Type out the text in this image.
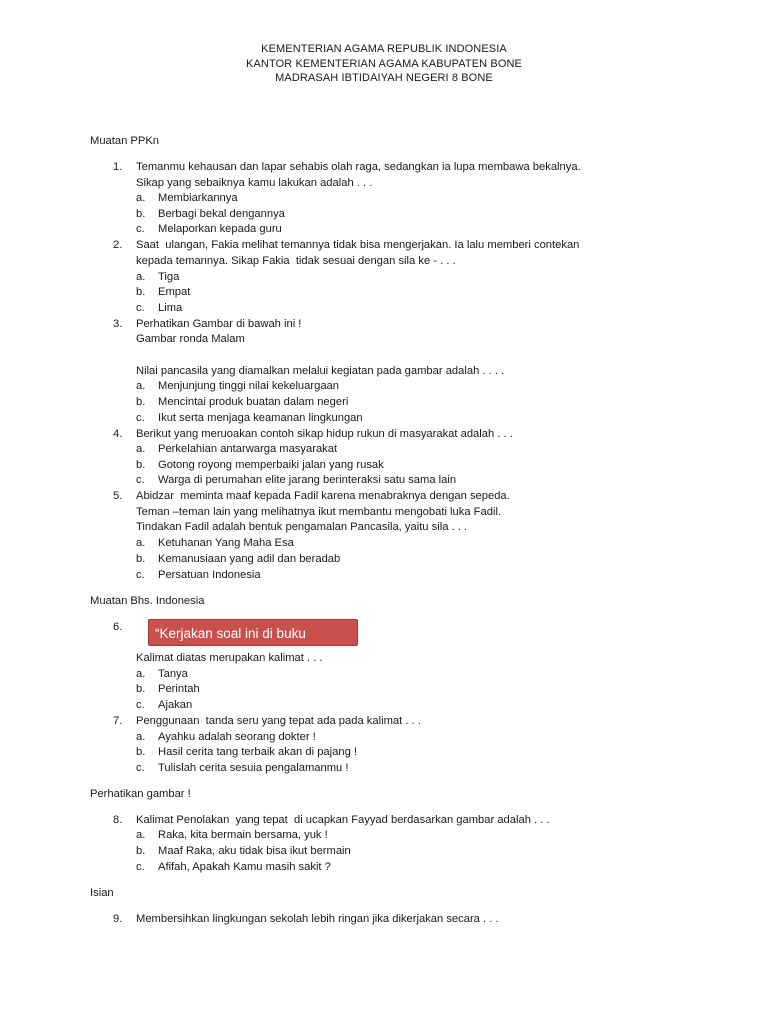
KEMENTERIAN AGAMA REPUBLIK INDONESIA
KANTOR KEMENTERIAN AGAMA KABUPATEN BONE
MADRASAH IBTIDAIYAH NEGERI 8 BONE
Muatan PPKn
1.	Temanmu kehausan dan lapar sehabis olah raga, sedangkan ia lupa membawa bekalnya.
Sikap yang sebaiknya kamu lakukan adalah . . .
a. Membiarkannya
b. Berbagi bekal dengannya
c. Melaporkan kepada guru
2.	Saat  ulangan, Fakia melihat temannya tidak bisa mengerjakan. Ia lalu memberi contekan
kepada temannya. Sikap Fakia  tidak sesuai dengan sila ke - . . .
a. Tiga
b. Empat
c. Lima
3.	Perhatikan Gambar di bawah ini !
Gambar ronda Malam
Nilai pancasila yang diamalkan melalui kegiatan pada gambar adalah . . . .
a. Menjunjung tinggi nilai kekeluargaan
b. Mencintai produk buatan dalam negeri
c. Ikut serta menjaga keamanan lingkungan
4.	Berikut yang meruoakan contoh sikap hidup rukun di masyarakat adalah . . .
a. Perkelahian antarwarga masyarakat
b. Gotong royong memperbaiki jalan yang rusak
c. Warga di perumahan elite jarang berinteraksi satu sama lain
5.	Abidzar  meminta maaf kepada Fadil karena menabraknya dengan sepeda.
Teman –teman lain yang melihatnya ikut membantu mengobati luka Fadil.
Tindakan Fadil adalah bentuk pengamalan Pancasila, yaitu sila . . .
a. Ketuhanan Yang Maha Esa
b. Kemanusiaan yang adil dan beradab
c. Persatuan Indonesia
Muatan Bhs. Indonesia
6.	“Kerjakan soal ini di buku
Kalimat diatas merupakan kalimat . . .
a. Tanya
b. Perintah
c. Ajakan
7.	Penggunaan  tanda seru yang tepat ada pada kalimat . . .
a. Ayahku adalah seorang dokter !
b. Hasil cerita tang terbaik akan di pajang !
c. Tulislah cerita sesuia pengalamanmu !
Perhatikan gambar !
8.	Kalimat Penolakan  yang tepat  di ucapkan Fayyad berdasarkan gambar adalah . . .
a. Raka, kita bermain bersama, yuk !
b. Maaf Raka, aku tidak bisa ikut bermain
c. Afifah, Apakah Kamu masih sakit ?
Isian
9.	Membersihkan lingkungan sekolah lebih ringan jika dikerjakan secara . . .
